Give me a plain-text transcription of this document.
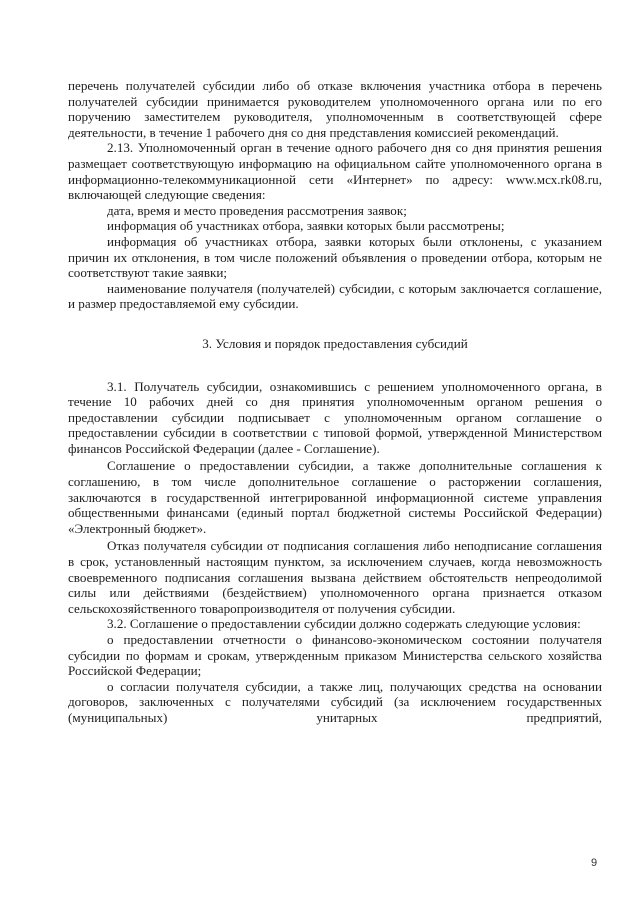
перечень получателей субсидии либо об отказе включения участника отбора в перечень получателей субсидии принимается руководителем уполномоченного органа или по его поручению заместителем руководителя, уполномоченным в соответствующей сфере деятельности, в течение 1 рабочего дня со дня представления комиссией рекомендаций.

2.13. Уполномоченный орган в течение одного рабочего дня со дня принятия решения размещает соответствующую информацию на официальном сайте уполномоченного органа в информационно-телекоммуникационной сети «Интернет» по адресу: www.мсх.rk08.ru, включающей следующие сведения:

дата, время и место проведения рассмотрения заявок;

информация об участниках отбора, заявки которых были рассмотрены;

информация об участниках отбора, заявки которых были отклонены, с указанием причин их отклонения, в том числе положений объявления о проведении отбора, которым не соответствуют такие заявки;

наименование получателя (получателей) субсидии, с которым заключается соглашение, и размер предоставляемой ему субсидии.

3. Условия и порядок предоставления субсидий

3.1. Получатель субсидии, ознакомившись с решением уполномоченного органа, в течение 10 рабочих дней со дня принятия уполномоченным органом решения о предоставлении субсидии подписывает с уполномоченным органом соглашение о предоставлении субсидии в соответствии с типовой формой, утвержденной Министерством финансов Российской Федерации (далее - Соглашение).

Соглашение о предоставлении субсидии, а также дополнительные соглашения к соглашению, в том числе дополнительное соглашение о расторжении соглашения, заключаются в государственной интегрированной информационной системе управления общественными финансами (единый портал бюджетной системы Российской Федерации) «Электронный бюджет».

Отказ получателя субсидии от подписания соглашения либо неподписание соглашения в срок, установленный настоящим пунктом, за исключением случаев, когда невозможность своевременного подписания соглашения вызвана действием обстоятельств непреодолимой силы или действиями (бездействием) уполномоченного органа признается отказом сельскохозяйственного товаропроизводителя от получения субсидии.

3.2. Соглашение о предоставлении субсидии должно содержать следующие условия:

о предоставлении отчетности о финансово-экономическом состоянии получателя субсидии по формам и срокам, утвержденным приказом Министерства сельского хозяйства Российской Федерации;

о согласии получателя субсидии, а также лиц, получающих средства на основании договоров, заключенных с получателями субсидий (за исключением государственных (муниципальных) унитарных предприятий,

9
